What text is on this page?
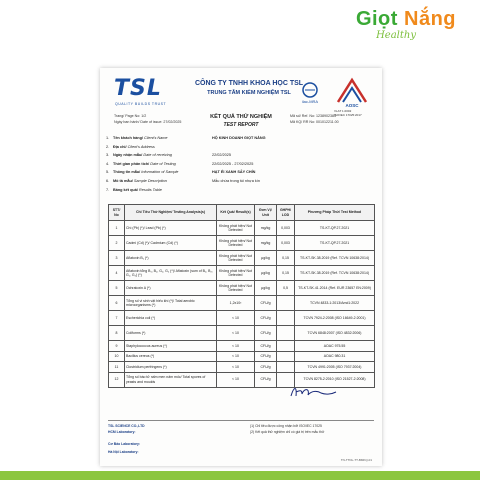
Giọt Nắng
Healthy
TSL
QUALITY BUILDS TRUST
CÔNG TY TNHH KHOA HỌC TSL
TRUNG TÂM KIỂM NGHIỆM TSL
ilac-MRA
AOSC
VLAT 1.0002
ISO/IEC 17025:2017
Trang/ Page No: 1/2
Ngày ban hành/ Date of issue: 27/02/2025
Mã số/ Ref. No: 1238902383
Mã KQ/ RR No: 001012211.00
KẾT QUẢ THỬ NGHIỆM
TEST REPORT
1. Tên khách hàng/ Client's Name	HỘ KINH DOANH GIỌT NẮNG
2. Địa chỉ/ Client's Address
3. Ngày nhận mẫu/ Date of receiving	22/02/2025
4. Thời gian phân tích/ Date of Testing	22/02/2025 - 27/02/2025
5. Thông tin mẫu/ Information of Sample	HẠT ÉI XANH SẤY CHÍN
6. Mô tả mẫu/ Sample Description	Mẫu chứa trong túi nhựa kín
7. Bảng kết quả/ Results Table
STT/ No	Chỉ Tiêu Thử Nghiệm/ Testing Analysis(s)	Kết Quả/ Result(s)	Đơn Vị/ Unit	GHPH/ LOD	Phương Pháp Thử/ Test Method
1	Chì (Pb) (*)/ Lead (Pb) (*)	Không phát hiện/ Not Detected	mg/kg	0,003	TS-KT-QP.27.2021
2	Cadmi (Cd) (*)/ Cadmium (Cd) (*)	Không phát hiện/ Not Detected	mg/kg	0,003	TS-KT-QP.27.2021
3	Aflatoxin B₁ (*)	Không phát hiện/ Not Detected	µg/kg	0,15	TS-KT-SK.38.2019 (Ref. TCVN 10638:2014)
4	Aflatoxin tổng B₁, B₂, G₁, G₂ (*)/ Aflatoxin (sum of B₁, B₂, G₁, G₂) (*)	Không phát hiện/ Not Detected	µg/kg	0,15	TS-KT-SK.38.2019 (Ref. TCVN 10638:2014)
5	Ochratoxin A (*)	Không phát hiện/ Not Detected	µg/kg	0,5	TS-KT-SK.41.2014 (Ref. EUR 23657 EN:2009)
6	Tổng số vi sinh vật hiếu khí (*)/ Total aerobic microorganisms (*)	1,2x10³	CFU/g		TCVN 4833-1:2013/Amd1:2022
7	Escherichia coli (*)	< 10	CFU/g		TCVN 7924-2:2008 (ISO 16649-2:2001)
8	Coliforms (*)	< 10	CFU/g		TCVN 6848:2007 (ISO 4832:2006)
9	Staphylococcus aureus (*)	< 10	CFU/g		AOAC 975.55
10	Bacillus cereus (*)	< 10	CFU/g		AOAC 980.31
11	Clostridium perfringens (*)	< 10	CFU/g		TCVN 4991:2005 (ISO 7937:2004)
12	Tổng số bào tử nấm men nấm mốc/ Total spores of yeasts and moulds	< 10	CFU/g		TCVN 8275-2:2010 (ISO 21527-2:2008)
TSL SCIENCE CO.,LTD
HCM Laboratory:
Cơ Bảo Laboratory:
Hà Nội Laboratory:
(1) Chỉ tiêu được công nhận bởi ISO/IEC 17025
(2) Kết quả thử nghiệm chỉ có giá trị trên mẫu thử
TN-TTDL-TT-BMKQ-01
